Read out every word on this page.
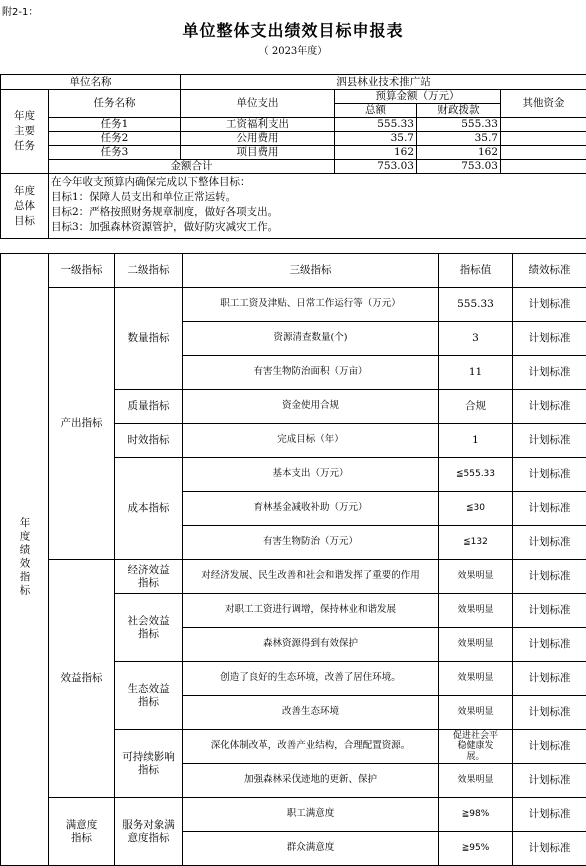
附2-1：
单位整体支出绩效目标申报表
（ 2023年度）
单位名称		泗县林业技术推广站			
年度主要任务	任务名称	单位支出	预算金额（万元）		其他资金
			总额	财政拨款	
	任务1	工资福利支出	555.33	555.33	
	任务2	公用费用	35.7	35.7	
	任务3	项目费用	162	162	
	金额合计		753.03	753.03	
年度总体目标	在今年收支预算内确保完成以下整体目标：
目标1：保障人员支出和单位正常运转。
目标2：严格按照财务规章制度，做好各项支出。
目标3：加强森林资源管护，做好防灾减灾工作。				
年度绩效指标	一级指标	二级指标	三级指标	指标值	绩效标准
	产出指标	数量指标	职工工资及津贴、日常工作运行等（万元）	555.33	计划标准
			资源清查数量(个)	3	计划标准
			有害生物防治面积（万亩）	11	计划标准
		质量指标	资金使用合规	合规	计划标准
		时效指标	完成目标（年）	1	计划标准
		成本指标	基本支出（万元）	≦555.33	计划标准
			育林基金减收补助（万元）	≦30	计划标准
			有害生物防治（万元）	≦132	计划标准
	效益指标	经济效益指标	对经济发展、民生改善和社会和谐发挥了重要的作用	效果明显	计划标准
		社会效益指标	对职工工资进行调增，保持林业和谐发展	效果明显	计划标准
			森林资源得到有效保护	效果明显	计划标准
		生态效益指标	创造了良好的生态环境，改善了居住环境。	效果明显	计划标准
			改善生态环境	效果明显	计划标准
		可持续影响指标	深化体制改革，改善产业结构，合理配置资源。	促进社会平稳健康发展。	计划标准
			加强森林采伐迹地的更新、保护	效果明显	计划标准
	满意度指标	服务对象满意度指标	职工满意度	≧98%	计划标准
			群众满意度	≧95%	计划标准
